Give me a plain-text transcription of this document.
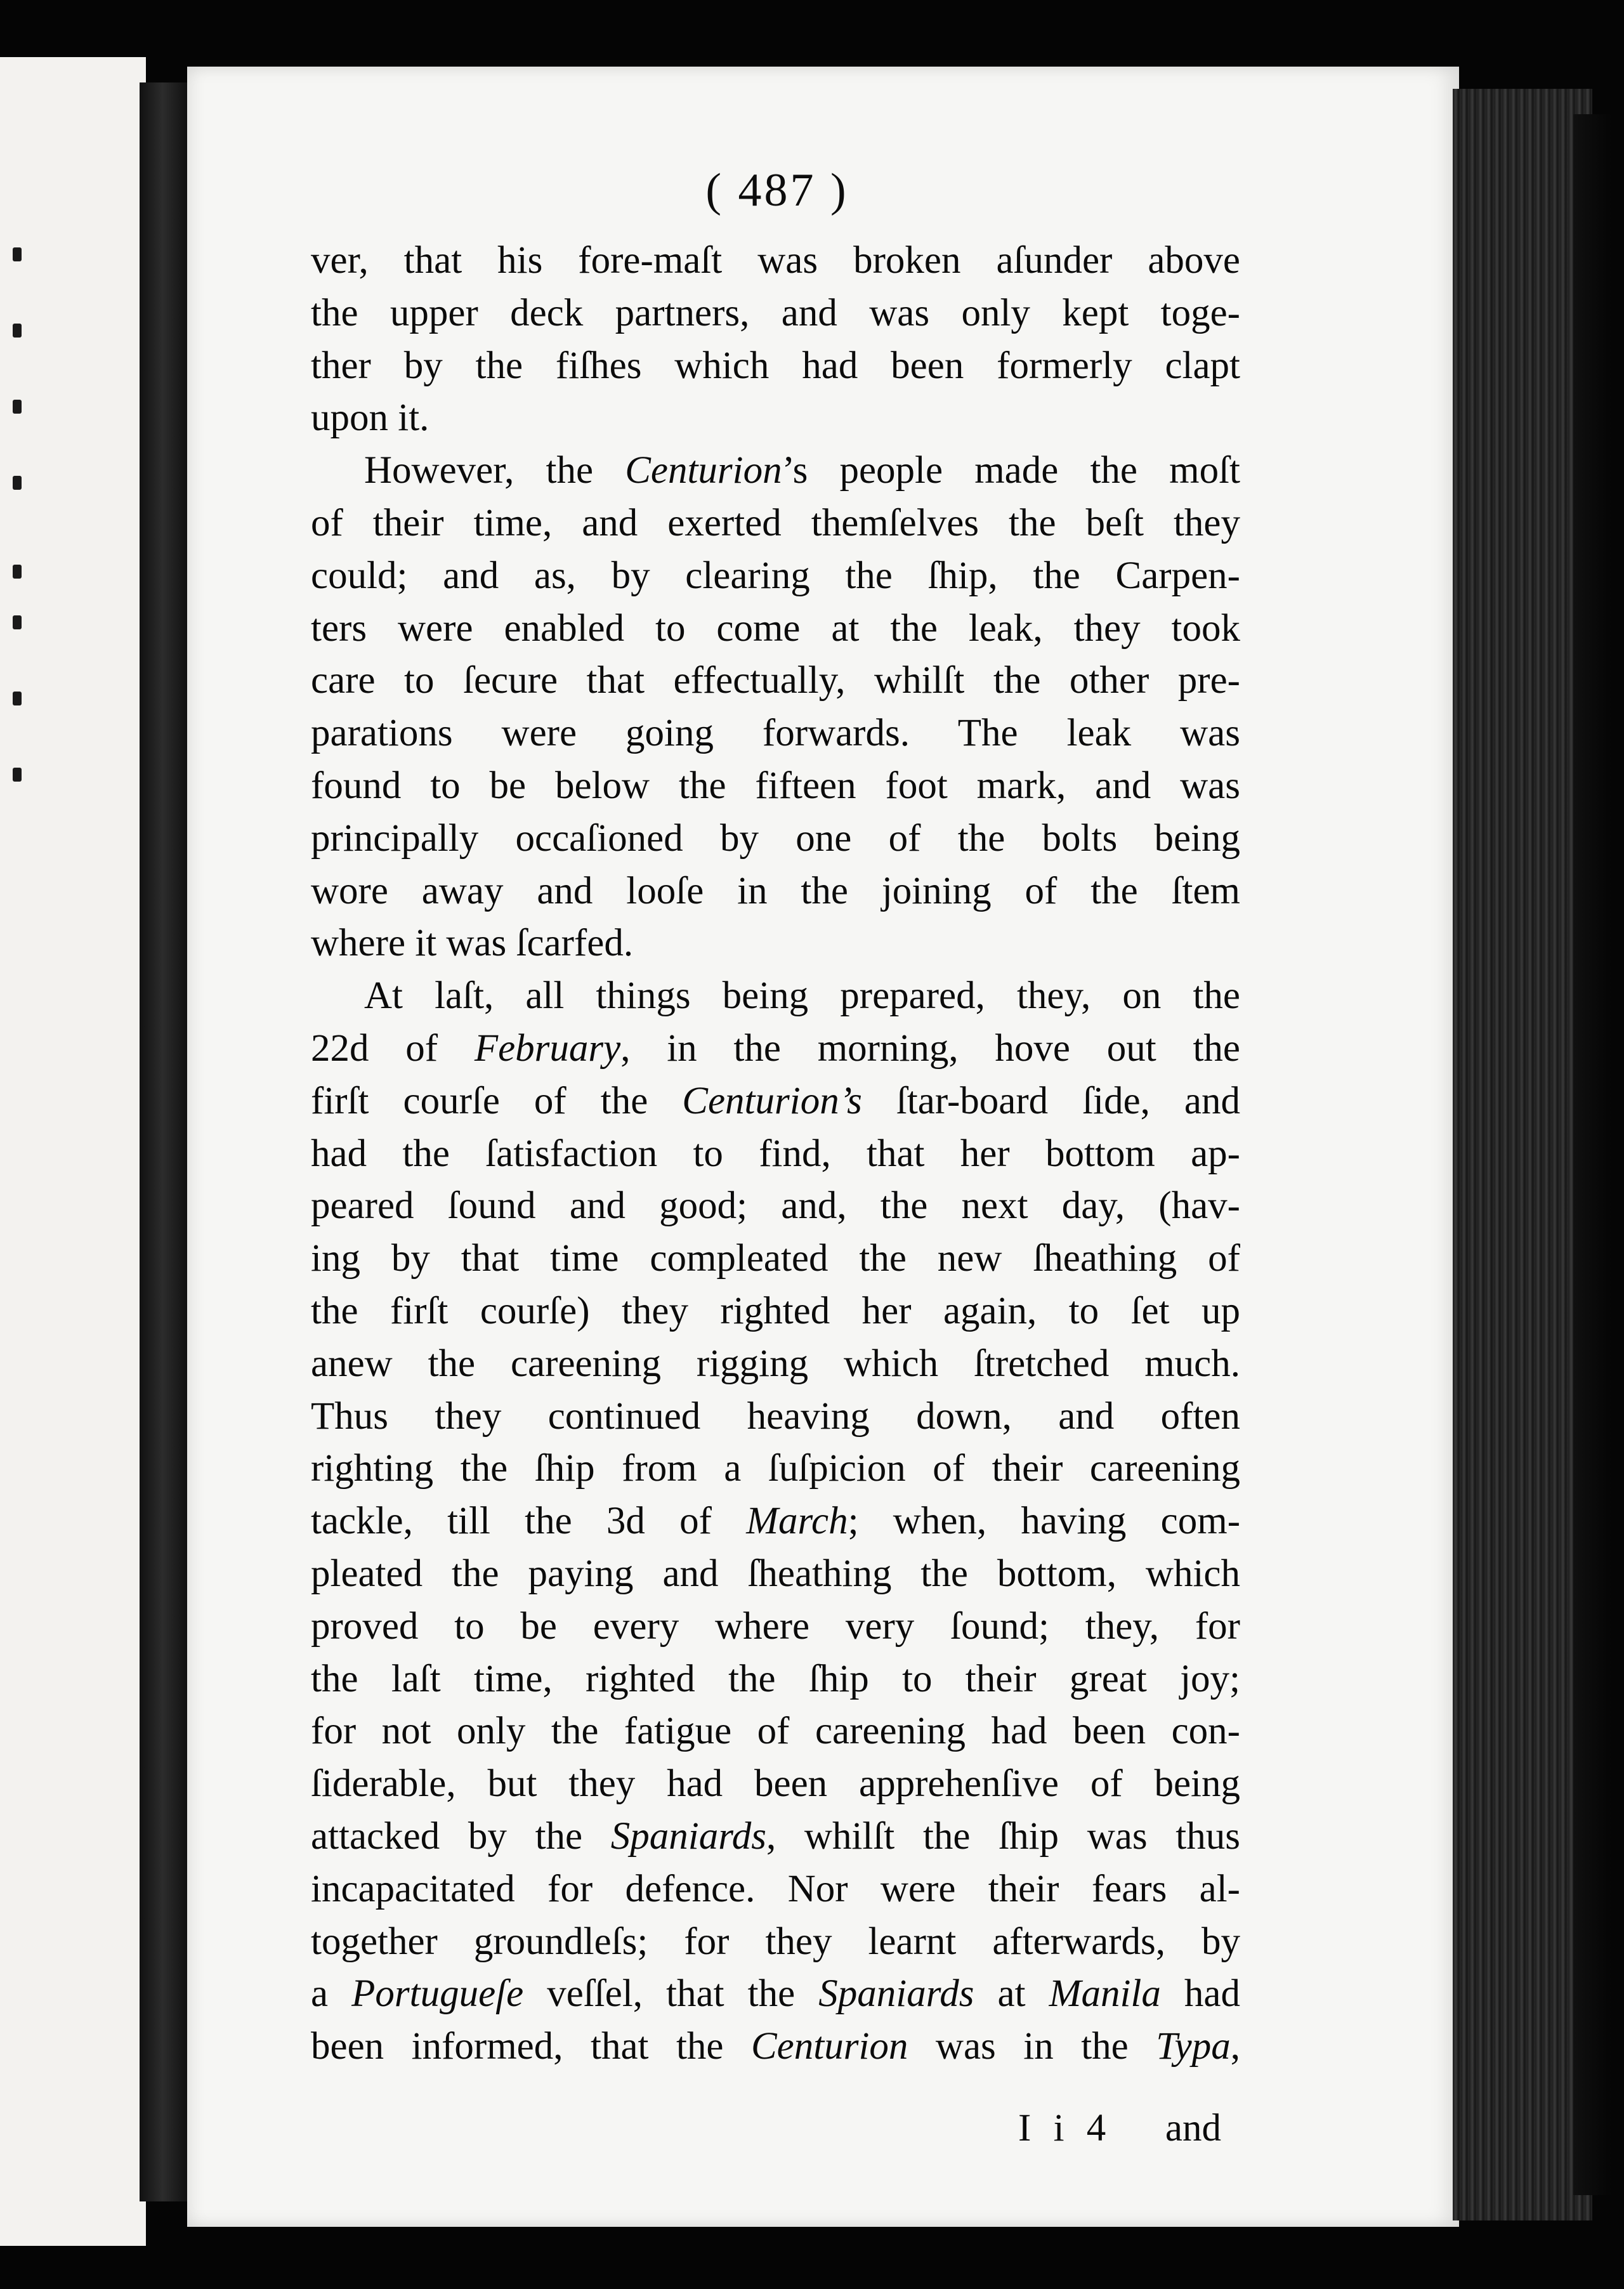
( 487 )
ver, that his fore-maſt was broken aſunder above
the upper deck partners, and was only kept toge-
ther by the fiſhes which had been formerly clapt
upon it.
However, the Centurion ’s people made the moſt
of their time, and exerted themſelves the beſt they
could; and as, by clearing the ſhip, the Carpen-
ters were enabled to come at the leak, they took
care to ſecure that effectually, whilſt the other pre-
parations were going forwards. The leak was
found to be below the fifteen foot mark, and was
principally occaſioned by one of the bolts being
wore away and looſe in the joining of the ſtem
where it was ſcarfed.
At laſt, all things being prepared, they, on the
22d of February , in the morning, hove out the
firſt courſe of the Centurion’s ſtar-board ſide, and
had the ſatisfaction to find, that her bottom ap-
peared ſound and good; and, the next day, (hav-
ing by that time compleated the new ſheathing of
the firſt courſe) they righted her again, to ſet up
anew the careening rigging which ſtretched much.
Thus they continued heaving down, and often
righting the ſhip from a ſuſpicion of their careening
tackle, till the 3d of March ; when, having com-
pleated the paying and ſheathing the bottom, which
proved to be every where very ſound; they, for
the laſt time, righted the ſhip to their great joy;
for not only the fatigue of careening had been con-
ſiderable, but they had been apprehenſive of being
attacked by the Spaniards , whilſt the ſhip was thus
incapacitated for defence. Nor were their fears al-
together groundleſs; for they learnt afterwards, by
a Portugueſe veſſel, that the Spaniards at Manila had
been informed, that the Centurion was in the Typa ,
I i 4 and
